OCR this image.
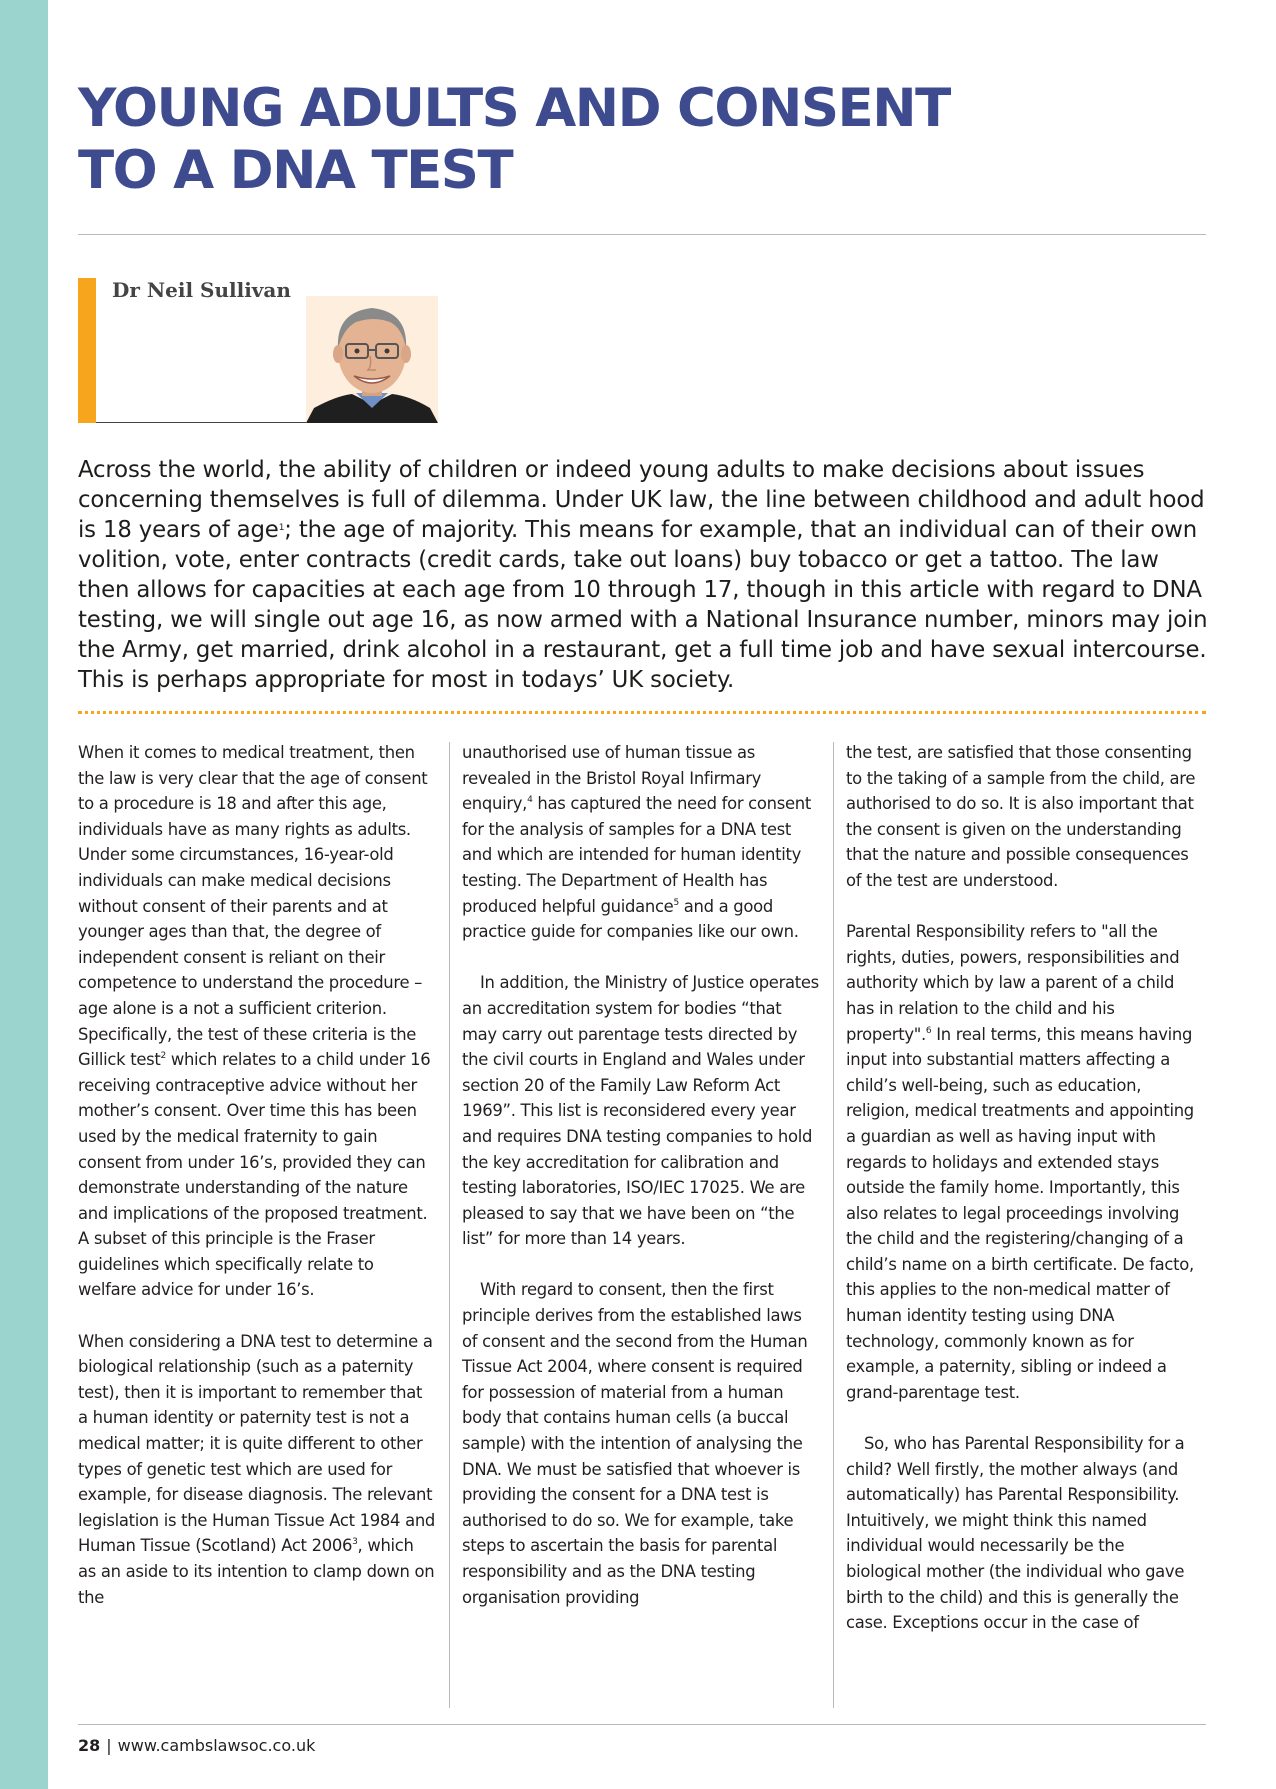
YOUNG ADULTS AND CONSENT
TO A DNA TEST

Dr Neil Sullivan

Across the world, the ability of children or indeed young adults to make decisions about issues concerning themselves is full of dilemma. Under UK law, the line between childhood and adult hood is 18 years of age$^1$; the age of majority. This means for example, that an individual can of their own volition, vote, enter contracts (credit cards, take out loans) buy tobacco or get a tattoo. The law then allows for capacities at each age from 10 through 17, though in this article with regard to DNA testing, we will single out age 16, as now armed with a National Insurance number, minors may join the Army, get married, drink alcohol in a restaurant, get a full time job and have sexual intercourse. This is perhaps appropriate for most in todays’ UK society.

When it comes to medical treatment, then the law is very clear that the age of consent to a procedure is 18 and after this age, individuals have as many rights as adults. Under some circumstances, 16-year-old individuals can make medical decisions without consent of their parents and at younger ages than that, the degree of independent consent is reliant on their competence to understand the procedure – age alone is a not a sufficient criterion. Specifically, the test of these criteria is the Gillick test$^2$ which relates to a child under 16 receiving contraceptive advice without her mother’s consent. Over time this has been used by the medical fraternity to gain consent from under 16’s, provided they can demonstrate understanding of the nature and implications of the proposed treatment. A subset of this principle is the Fraser guidelines which specifically relate to welfare advice for under 16’s.

When considering a DNA test to determine a biological relationship (such as a paternity test), then it is important to remember that a human identity or paternity test is not a medical matter; it is quite different to other types of genetic test which are used for example, for disease diagnosis. The relevant legislation is the Human Tissue Act 1984 and Human Tissue (Scotland) Act 2006$^3$, which as an aside to its intention to clamp down on the

unauthorised use of human tissue as revealed in the Bristol Royal Infirmary enquiry,$^4$ has captured the need for consent for the analysis of samples for a DNA test and which are intended for human identity testing. The Department of Health has produced helpful guidance$^5$ and a good practice guide for companies like our own.

In addition, the Ministry of Justice operates an accreditation system for bodies “that may carry out parentage tests directed by the civil courts in England and Wales under section 20 of the Family Law Reform Act 1969”. This list is reconsidered every year and requires DNA testing companies to hold the key accreditation for calibration and testing laboratories, ISO/IEC 17025. We are pleased to say that we have been on “the list” for more than 14 years.

With regard to consent, then the first principle derives from the established laws of consent and the second from the Human Tissue Act 2004, where consent is required for possession of material from a human body that contains human cells (a buccal sample) with the intention of analysing the DNA. We must be satisfied that whoever is providing the consent for a DNA test is authorised to do so. We for example, take steps to ascertain the basis for parental responsibility and as the DNA testing organisation providing

the test, are satisfied that those consenting to the taking of a sample from the child, are authorised to do so. It is also important that the consent is given on the understanding that the nature and possible consequences of the test are understood.

Parental Responsibility refers to "all the rights, duties, powers, responsibilities and authority which by law a parent of a child has in relation to the child and his property".$^6$ In real terms, this means having input into substantial matters affecting a child’s well-being, such as education, religion, medical treatments and appointing a guardian as well as having input with regards to holidays and extended stays outside the family home. Importantly, this also relates to legal proceedings involving the child and the registering/changing of a child’s name on a birth certificate. De facto, this applies to the non-medical matter of human identity testing using DNA technology, commonly known as for example, a paternity, sibling or indeed a grand-parentage test.

So, who has Parental Responsibility for a child? Well firstly, the mother always (and automatically) has Parental Responsibility. Intuitively, we might think this named individual would necessarily be the biological mother (the individual who gave birth to the child) and this is generally the case. Exceptions occur in the case of

28 | www.cambslawsoc.co.uk
